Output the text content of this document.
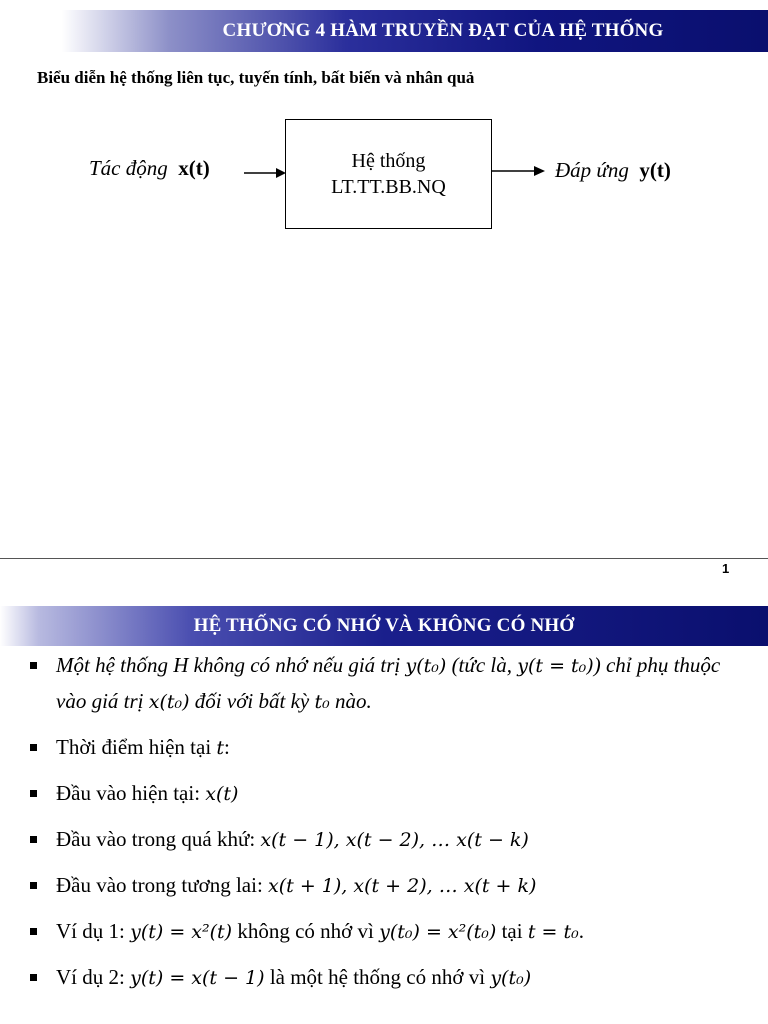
CHƯƠNG 4 HÀM TRUYỀN ĐẠT CỦA HỆ THỐNG
Biểu diễn hệ thống liên tục, tuyến tính, bất biến và nhân quả
Tác động x(t)	Hệ thống
LT.TT.BB.NQ
Đáp ứng y(t)
1
HỆ THỐNG CÓ NHỚ VÀ KHÔNG CÓ NHỚ
Một hệ thống H không có nhớ nếu giá trị y(t₀) (tức là, y(t = t₀)) chỉ phụ thuộc vào giá trị x(t₀) đối với bất kỳ t₀ nào.
Thời điểm hiện tại t:
Đầu vào hiện tại: x(t)
Đầu vào trong quá khứ: x(t − 1), x(t − 2), … x(t − k)
Đầu vào trong tương lai: x(t + 1), x(t + 2), … x(t + k)
Ví dụ 1: y(t) = x²(t) không có nhớ vì y(t₀) = x²(t₀) tại t = t₀.
Ví dụ 2: y(t) = x(t − 1) là một hệ thống có nhớ vì y(t₀)
